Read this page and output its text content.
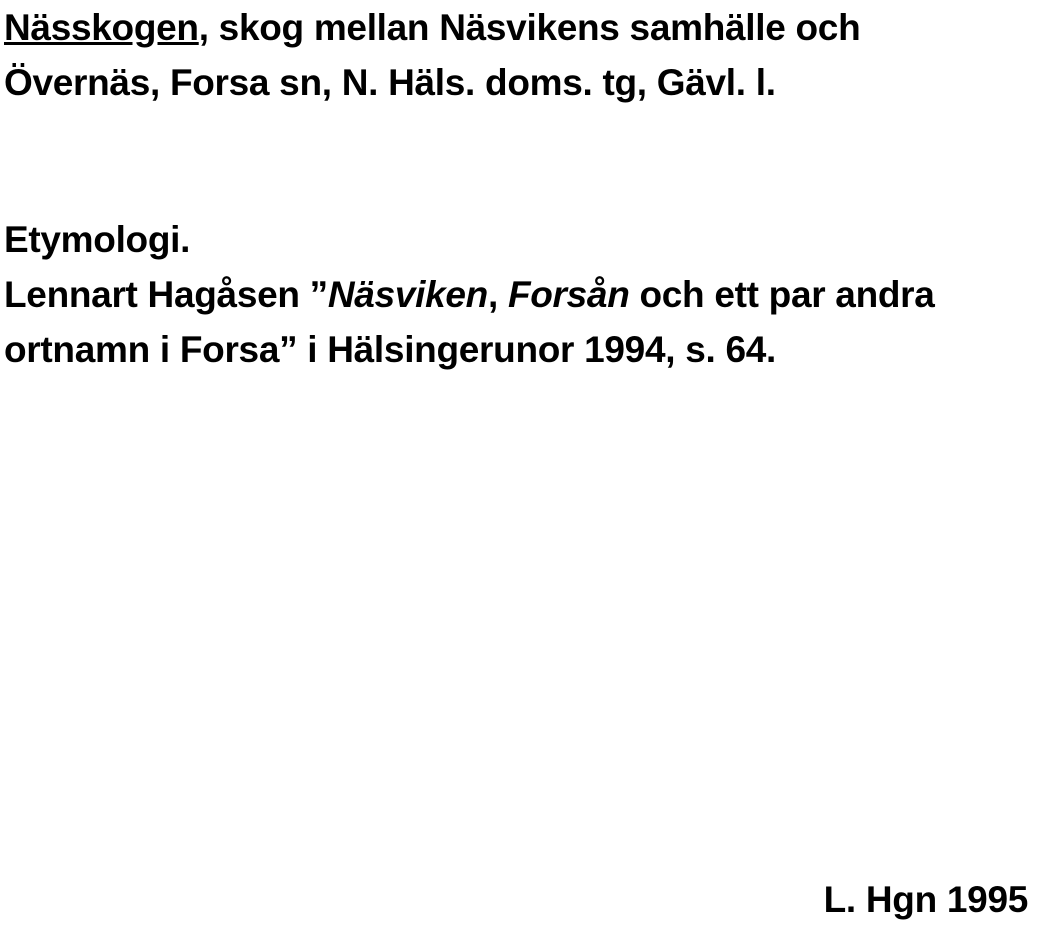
Nässkogen, skog mellan Näsvikens samhälle och
Övernäs, Forsa sn, N. Häls. doms. tg, Gävl. l.
Etymologi.
Lennart Hagåsen ”Näsviken, Forsån och ett par andra
ortnamn i Forsa” i Hälsingerunor 1994, s. 64.
L. Hgn 1995
